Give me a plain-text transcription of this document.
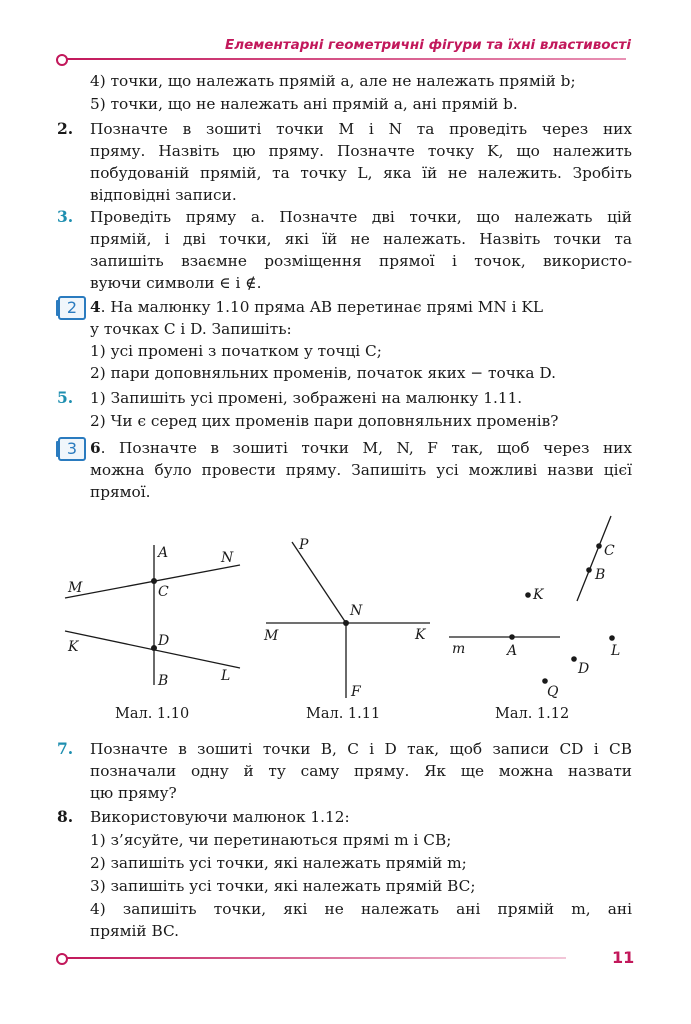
Елементарні геометричні фігури та їхні властивості
4) точки, що належать прямій a, але не належать прямій b;
5) точки, що не належать ані прямій a, ані прямій b.
2. Позначте в зошиті точки M і N та проведіть через них
пряму. Назвіть цю пряму. Позначте точку K, що належить
побудованій прямій, та точку L, яка їй не належить. Зробіть
відповідні записи.
3. Проведіть пряму a. Позначте дві точки, що належать цій
прямій, і дві точки, які їй не належать. Назвіть точки та
запишіть взаємне розміщення прямої і точок, використо-
вуючи символи ∈ і ∉.
2 4. На малюнку 1.10 пряма AB перетинає прямі MN і KL
у точках C і D. Запишіть:
1) усі промені з початком у точці C;
2) пари доповняльних променів, початок яких − точка D.
5. 1) Запишіть усі промені, зображені на малюнку 1.11.
2) Чи є серед цих променів пари доповняльних променів?
3 6. Позначте в зошиті точки M, N, F так, щоб через них
можна було провести пряму. Запишіть усі можливі назви цієї
прямої.
A	N
M	C
K	D
B	L
Мал. 1.10
P
N
M	K
F
Мал. 1.11
C
B
K
m	A	L
D
Q
Мал. 1.12
7. Позначте в зошиті точки B, C і D так, щоб записи CD і CB
позначали одну й ту саму пряму. Як ще можна назвати
цю пряму?
8. Використовуючи малюнок 1.12:
1) з’ясуйте, чи перетинаються прямі m і CB;
2) запишіть усі точки, які належать прямій m;
3) запишіть усі точки, які належать прямій BC;
4) запишіть точки, які не належать ані прямій m, ані
прямій BC.
11
